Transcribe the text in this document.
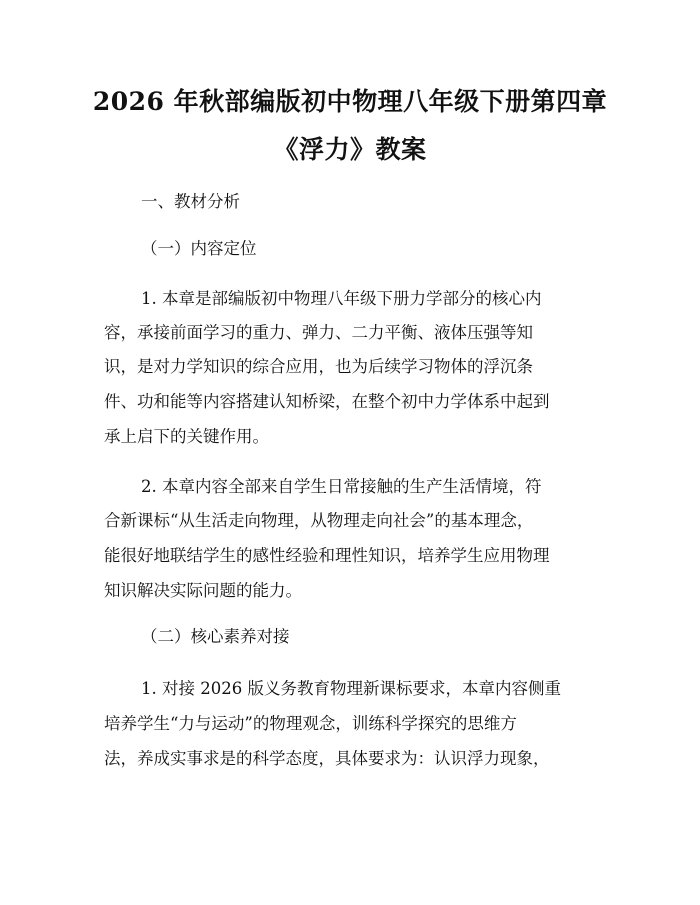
2026 年秋部编版初中物理八年级下册第四章
《浮力》教案
一、教材分析
（一）内容定位
1. 本章是部编版初中物理八年级下册力学部分的核心内
容，承接前面学习的重力、弹力、二力平衡、液体压强等知
识，是对力学知识的综合应用，也为后续学习物体的浮沉条
件、功和能等内容搭建认知桥梁，在整个初中力学体系中起到
承上启下的关键作用。
2. 本章内容全部来自学生日常接触的生产生活情境，符
合新课标“从生活走向物理，从物理走向社会”的基本理念，
能很好地联结学生的感性经验和理性知识，培养学生应用物理
知识解决实际问题的能力。
（二）核心素养对接
1. 对接 2026 版义务教育物理新课标要求，本章内容侧重
培养学生“力与运动”的物理观念，训练科学探究的思维方
法，养成实事求是的科学态度，具体要求为：认识浮力现象，
